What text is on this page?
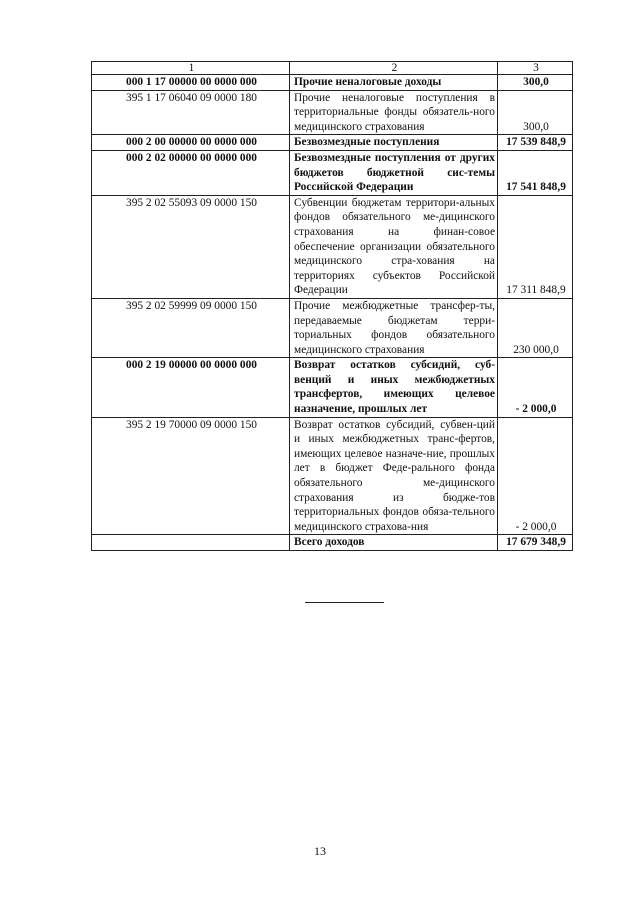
1	2	3
000 1 17 00000 00 0000 000	Прочие неналоговые доходы	300,0
395 1 17 06040 09 0000 180	Прочие неналоговые поступления в территориальные фонды обязатель-ного медицинского страхования	300,0
000 2 00 00000 00 0000 000	Безвозмездные поступления	17 539 848,9
000 2 02 00000 00 0000 000	Безвозмездные поступления от других бюджетов бюджетной сис-темы Российской Федерации	17 541 848,9
395 2 02 55093 09 0000 150	Субвенции бюджетам территори-альных фондов обязательного ме-дицинского страхования на финан-совое обеспечение организации обязательного медицинского стра-хования на территориях субъектов Российской Федерации	17 311 848,9
395 2 02 59999 09 0000 150	Прочие межбюджетные трансфер-ты, передаваемые бюджетам терри-ториальных фондов обязательного медицинского страхования	230 000,0
000 2 19 00000 00 0000 000	Возврат остатков субсидий, суб-венций и иных межбюджетных трансфертов, имеющих целевое назначение, прошлых лет	- 2 000,0
395 2 19 70000 09 0000 150	Возврат остатков субсидий, субвен-ций и иных межбюджетных транс-фертов, имеющих целевое назначе-ние, прошлых лет в бюджет Феде-рального фонда обязательного ме-дицинского страхования из бюдже-тов территориальных фондов обяза-тельного медицинского страхова-ния	- 2 000,0
	Всего доходов	17 679 348,9
13
